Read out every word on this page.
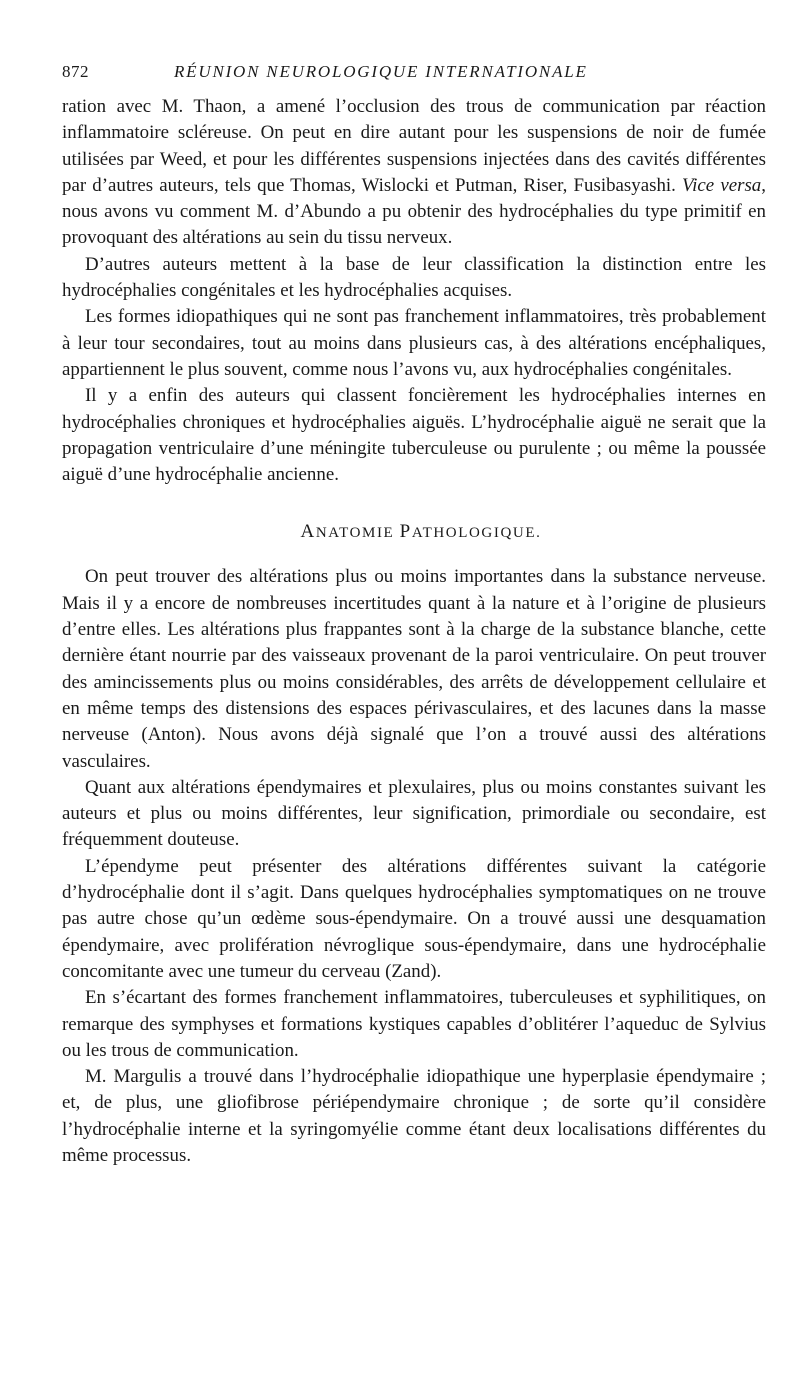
872	RÉUNION NEUROLOGIQUE INTERNATIONALE

ration avec M. Thaon, a amené l’occlusion des trous de communication par réaction inflammatoire scléreuse. On peut en dire autant pour les suspensions de noir de fumée utilisées par Weed, et pour les différentes suspensions injectées dans des cavités différentes par d’autres auteurs, tels que Thomas, Wislocki et Putman, Riser, Fusibasyashi. Vice versa, nous avons vu comment M. d’Abundo a pu obtenir des hydrocéphalies du type primitif en provoquant des altérations au sein du tissu nerveux.

D’autres auteurs mettent à la base de leur classification la distinction entre les hydrocéphalies congénitales et les hydrocéphalies acquises.

Les formes idiopathiques qui ne sont pas franchement inflammatoires, très probablement à leur tour secondaires, tout au moins dans plusieurs cas, à des altérations encéphaliques, appartiennent le plus souvent, comme nous l’avons vu, aux hydrocéphalies congénitales.

Il y a enfin des auteurs qui classent foncièrement les hydrocéphalies internes en hydrocéphalies chroniques et hydrocéphalies aiguës. L’hydrocéphalie aiguë ne serait que la propagation ventriculaire d’une méningite tuberculeuse ou purulente ; ou même la poussée aiguë d’une hydrocéphalie ancienne.

ANATOMIE PATHOLOGIQUE.

On peut trouver des altérations plus ou moins importantes dans la substance nerveuse. Mais il y a encore de nombreuses incertitudes quant à la nature et à l’origine de plusieurs d’entre elles. Les altérations plus frappantes sont à la charge de la substance blanche, cette dernière étant nourrie par des vaisseaux provenant de la paroi ventriculaire. On peut trouver des amincissements plus ou moins considérables, des arrêts de développement cellulaire et en même temps des distensions des espaces périvasculaires, et des lacunes dans la masse nerveuse (Anton). Nous avons déjà signalé que l’on a trouvé aussi des altérations vasculaires.

Quant aux altérations épendymaires et plexulaires, plus ou moins constantes suivant les auteurs et plus ou moins différentes, leur signification, primordiale ou secondaire, est fréquemment douteuse.

L’épendyme peut présenter des altérations différentes suivant la catégorie d’hydrocéphalie dont il s’agit. Dans quelques hydrocéphalies symptomatiques on ne trouve pas autre chose qu’un œdème sous-épendymaire. On a trouvé aussi une desquamation épendymaire, avec prolifération névroglique sous-épendymaire, dans une hydrocéphalie concomitante avec une tumeur du cerveau (Zand).

En s’écartant des formes franchement inflammatoires, tuberculeuses et syphilitiques, on remarque des symphyses et formations kystiques capables d’oblitérer l’aqueduc de Sylvius ou les trous de communication.

M. Margulis a trouvé dans l’hydrocéphalie idiopathique une hyperplasie épendymaire ; et, de plus, une gliofibrose périépendymaire chronique ; de sorte qu’il considère l’hydrocéphalie interne et la syringomyélie comme étant deux localisations différentes du même processus.
